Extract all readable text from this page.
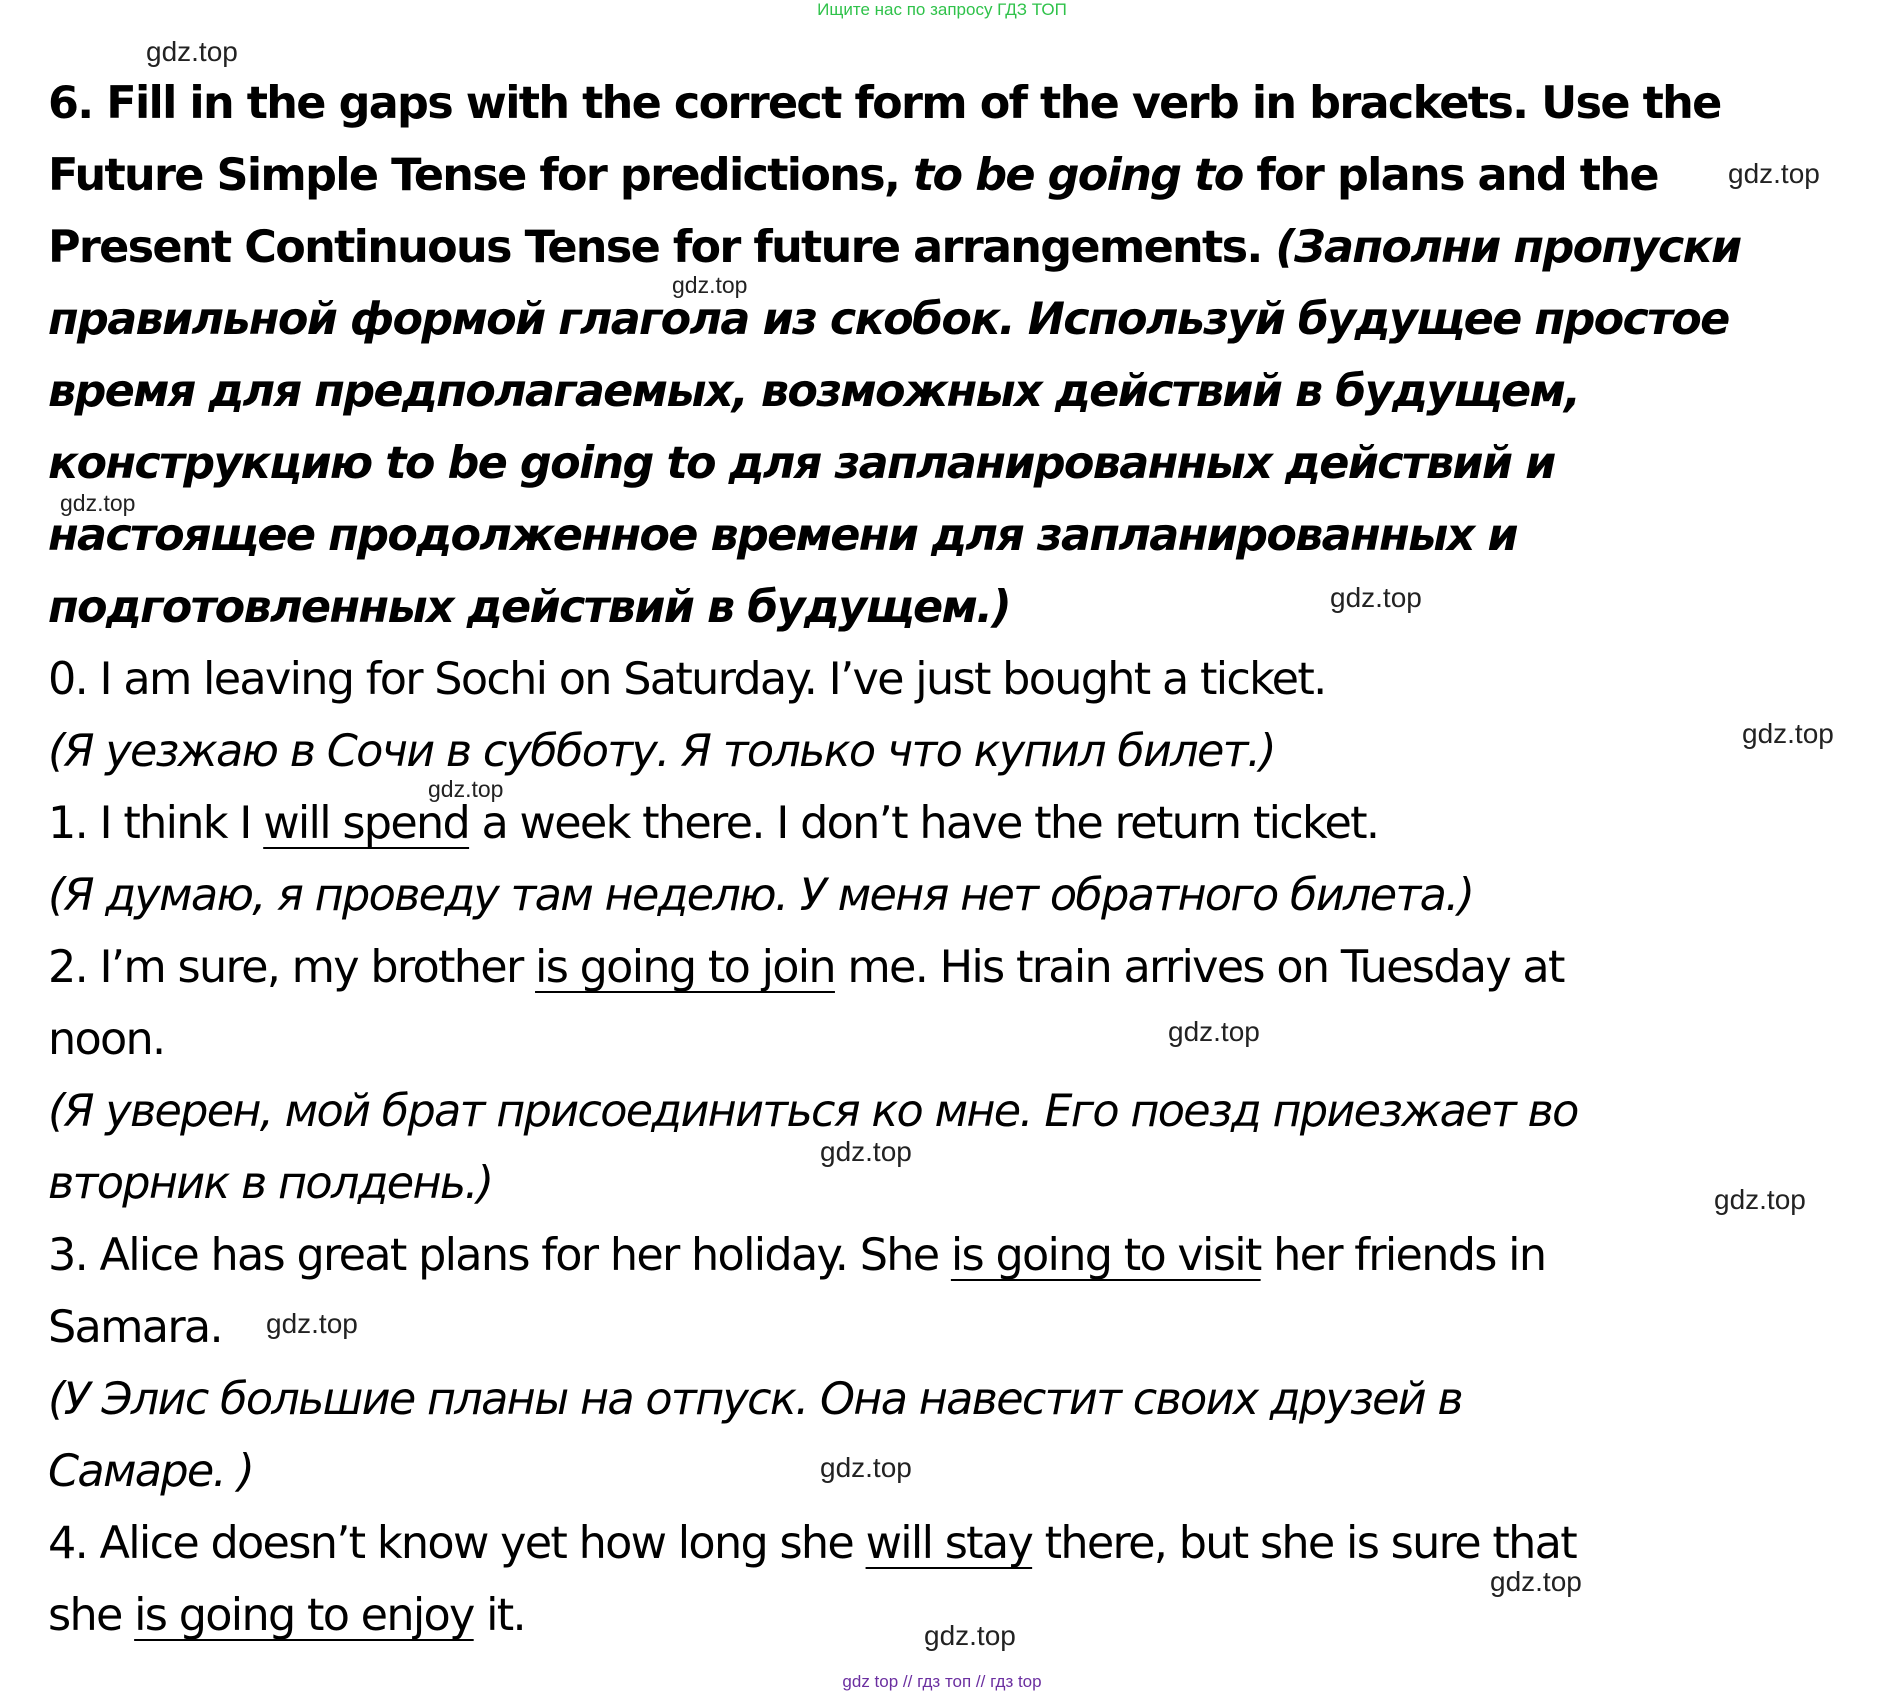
Ищите нас по запросу ГДЗ ТОП
gdz.top
gdz.top
gdz.top
gdz.top
gdz.top
gdz.top
gdz.top
gdz.top
gdz.top
gdz.top
gdz.top
gdz.top
gdz.top
gdz.top
6. Fill in the gaps with the correct form of the verb in brackets. Use the
Future Simple Tense for predictions, to be going to for plans and the
Present Continuous Tense for future arrangements. (Заполни пропуски
правильной формой глагола из скобок. Используй будущее простое
время для предполагаемых, возможных действий в будущем,
конструкцию to be going to для запланированных действий и
настоящее продолженное времени для запланированных и
подготовленных действий в будущем.)
0. I am leaving for Sochi on Saturday. I’ve just bought a ticket.
(Я уезжаю в Сочи в субботу. Я только что купил билет.)
1. I think I will spend a week there. I don’t have the return ticket.
(Я думаю, я проведу там неделю. У меня нет обратного билета.)
2. I’m sure, my brother is going to join me. His train arrives on Tuesday at
noon.
(Я уверен, мой брат присоединиться ко мне. Его поезд приезжает во
вторник в полдень.)
3. Alice has great plans for her holiday. She is going to visit her friends in
Samara.
(У Элис большие планы на отпуск. Она навестит своих друзей в
Самаре. )
4. Alice doesn’t know yet how long she will stay there, but she is sure that
she is going to enjoy it.
gdz top // гдз топ // гдз top
